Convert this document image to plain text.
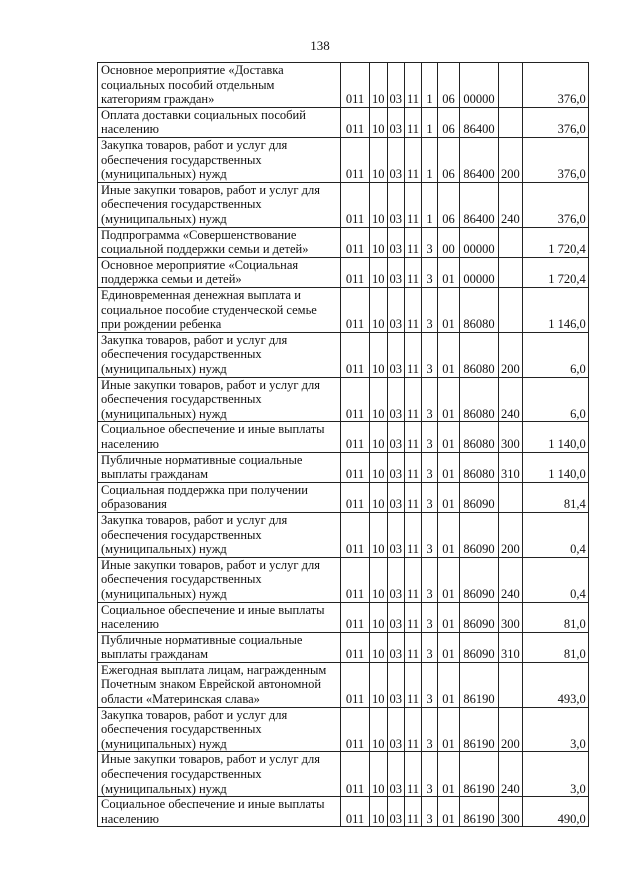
138
Основное мероприятие «Доставка социальных пособий отдельным категориям граждан»	011	10	03	11	1	06	00000		376,0
Оплата доставки социальных пособий населению	011	10	03	11	1	06	86400		376,0
Закупка товаров, работ и услуг для обеспечения государственных (муниципальных) нужд	011	10	03	11	1	06	86400	200	376,0
Иные закупки товаров, работ и услуг для обеспечения государственных (муниципальных) нужд	011	10	03	11	1	06	86400	240	376,0
Подпрограмма «Совершенствование социальной поддержки семьи и детей»	011	10	03	11	3	00	00000		1 720,4
Основное мероприятие «Социальная поддержка семьи и детей»	011	10	03	11	3	01	00000		1 720,4
Единовременная денежная выплата и социальное пособие студенческой семье при рождении ребенка	011	10	03	11	3	01	86080		1 146,0
Закупка товаров, работ и услуг для обеспечения государственных (муниципальных) нужд	011	10	03	11	3	01	86080	200	6,0
Иные закупки товаров, работ и услуг для обеспечения государственных (муниципальных) нужд	011	10	03	11	3	01	86080	240	6,0
Социальное обеспечение и иные выплаты населению	011	10	03	11	3	01	86080	300	1 140,0
Публичные нормативные социальные выплаты гражданам	011	10	03	11	3	01	86080	310	1 140,0
Социальная поддержка при получении образования	011	10	03	11	3	01	86090		81,4
Закупка товаров, работ и услуг для обеспечения государственных (муниципальных) нужд	011	10	03	11	3	01	86090	200	0,4
Иные закупки товаров, работ и услуг для обеспечения государственных (муниципальных) нужд	011	10	03	11	3	01	86090	240	0,4
Социальное обеспечение и иные выплаты населению	011	10	03	11	3	01	86090	300	81,0
Публичные нормативные социальные выплаты гражданам	011	10	03	11	3	01	86090	310	81,0
Ежегодная выплата лицам, награжденным Почетным знаком Еврейской автономной области «Материнская слава»	011	10	03	11	3	01	86190		493,0
Закупка товаров, работ и услуг для обеспечения государственных (муниципальных) нужд	011	10	03	11	3	01	86190	200	3,0
Иные закупки товаров, работ и услуг для обеспечения государственных (муниципальных) нужд	011	10	03	11	3	01	86190	240	3,0
Социальное обеспечение и иные выплаты населению	011	10	03	11	3	01	86190	300	490,0
